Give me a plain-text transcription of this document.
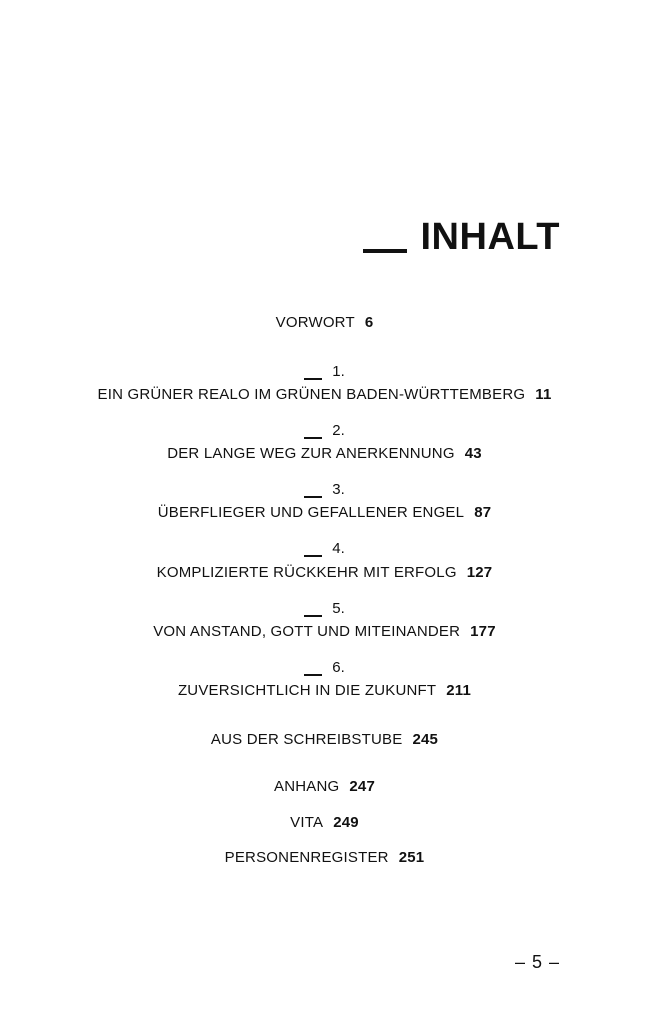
INHALT
VORWORT 6
1.
EIN GRÜNER REALO IM GRÜNEN BADEN-WÜRTTEMBERG 11
2.
DER LANGE WEG ZUR ANERKENNUNG 43
3.
ÜBERFLIEGER UND GEFALLENER ENGEL 87
4.
KOMPLIZIERTE RÜCKKEHR MIT ERFOLG 127
5.
VON ANSTAND, GOTT UND MITEINANDER 177
6.
ZUVERSICHTLICH IN DIE ZUKUNFT 211
AUS DER SCHREIBSTUBE 245
ANHANG 247
VITA 249
PERSONENREGISTER 251
– 5 –
